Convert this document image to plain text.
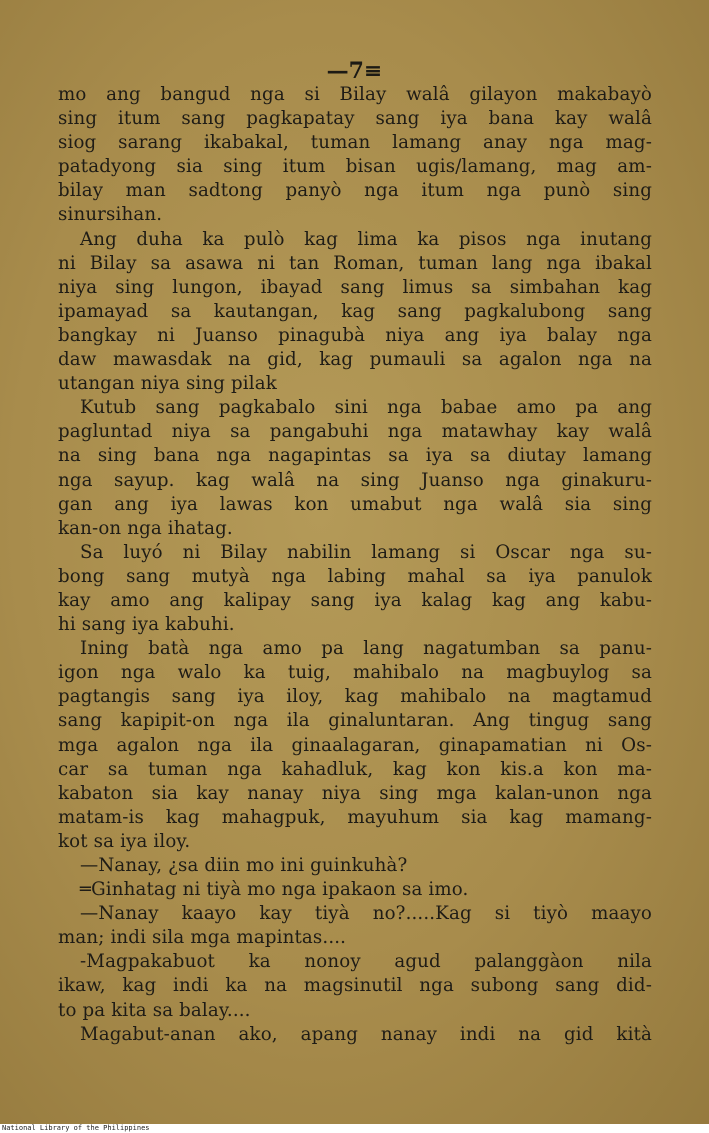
—7≡
mo ang bangud nga si Bilay walâ gilayon makabayò
sing itum sang pagkapatay sang iya bana kay walâ
siog sarang ikabakal, tuman lamang anay nga mag-
patadyong sia sing itum bisan ugis/lamang, mag am-
bilay man sadtong panyò nga itum nga punò sing
sinursihan.
Ang duha ka pulò kag lima ka pisos nga inutang
ni Bilay sa asawa ni tan Roman, tuman lang nga ibakal
niya sing lungon, ibayad sang limus sa simbahan kag
ipamayad sa kautangan, kag sang pagkalubong sang
bangkay ni Juanso pinagubà niya ang iya balay nga
daw mawasdak na gid, kag pumauli sa agalon nga na
utangan niya sing pilak
Kutub sang pagkabalo sini nga babae amo pa ang
pagluntad niya sa pangabuhi nga matawhay kay walâ
na sing bana nga nagapintas sa iya sa diutay lamang
nga sayup. kag walâ na sing Juanso nga ginakuru-
gan ang iya lawas kon umabut nga walâ sia sing
kan-on nga ihatag.
Sa luyó ni Bilay nabilin lamang si Oscar nga su-
bong sang mutyà nga labing mahal sa iya panulok
kay amo ang kalipay sang iya kalag kag ang kabu-
hi sang iya kabuhi.
Ining batà nga amo pa lang nagatumban sa panu-
igon nga walo ka tuig, mahibalo na magbuylog sa
pagtangis sang iya iloy, kag mahibalo na magtamud
sang kapipit-on nga ila ginaluntaran. Ang tingug sang
mga agalon nga ila ginaalagaran, ginapamatian ni Os-
car sa tuman nga kahadluk, kag kon kis.a kon ma-
kabaton sia kay nanay niya sing mga kalan-unon nga
matam-is kag mahagpuk, mayuhum sia kag mamang-
kot sa iya iloy.
—Nanay, ¿sa diin mo ini guinkuhà?
═Ginhatag ni tiyà mo nga ipakaon sa imo.
—Nanay kaayo kay tiyà no?.....Kag si tiyò maayo
man; indi sila mga mapintas....
-Magpakabuot ka nonoy agud palanggàon nila
ikaw, kag indi ka na magsinutil nga subong sang did-
to pa kita sa balay....
Magabut-anan ako, apang nanay indi na gid kità
National Library of the Philippines
